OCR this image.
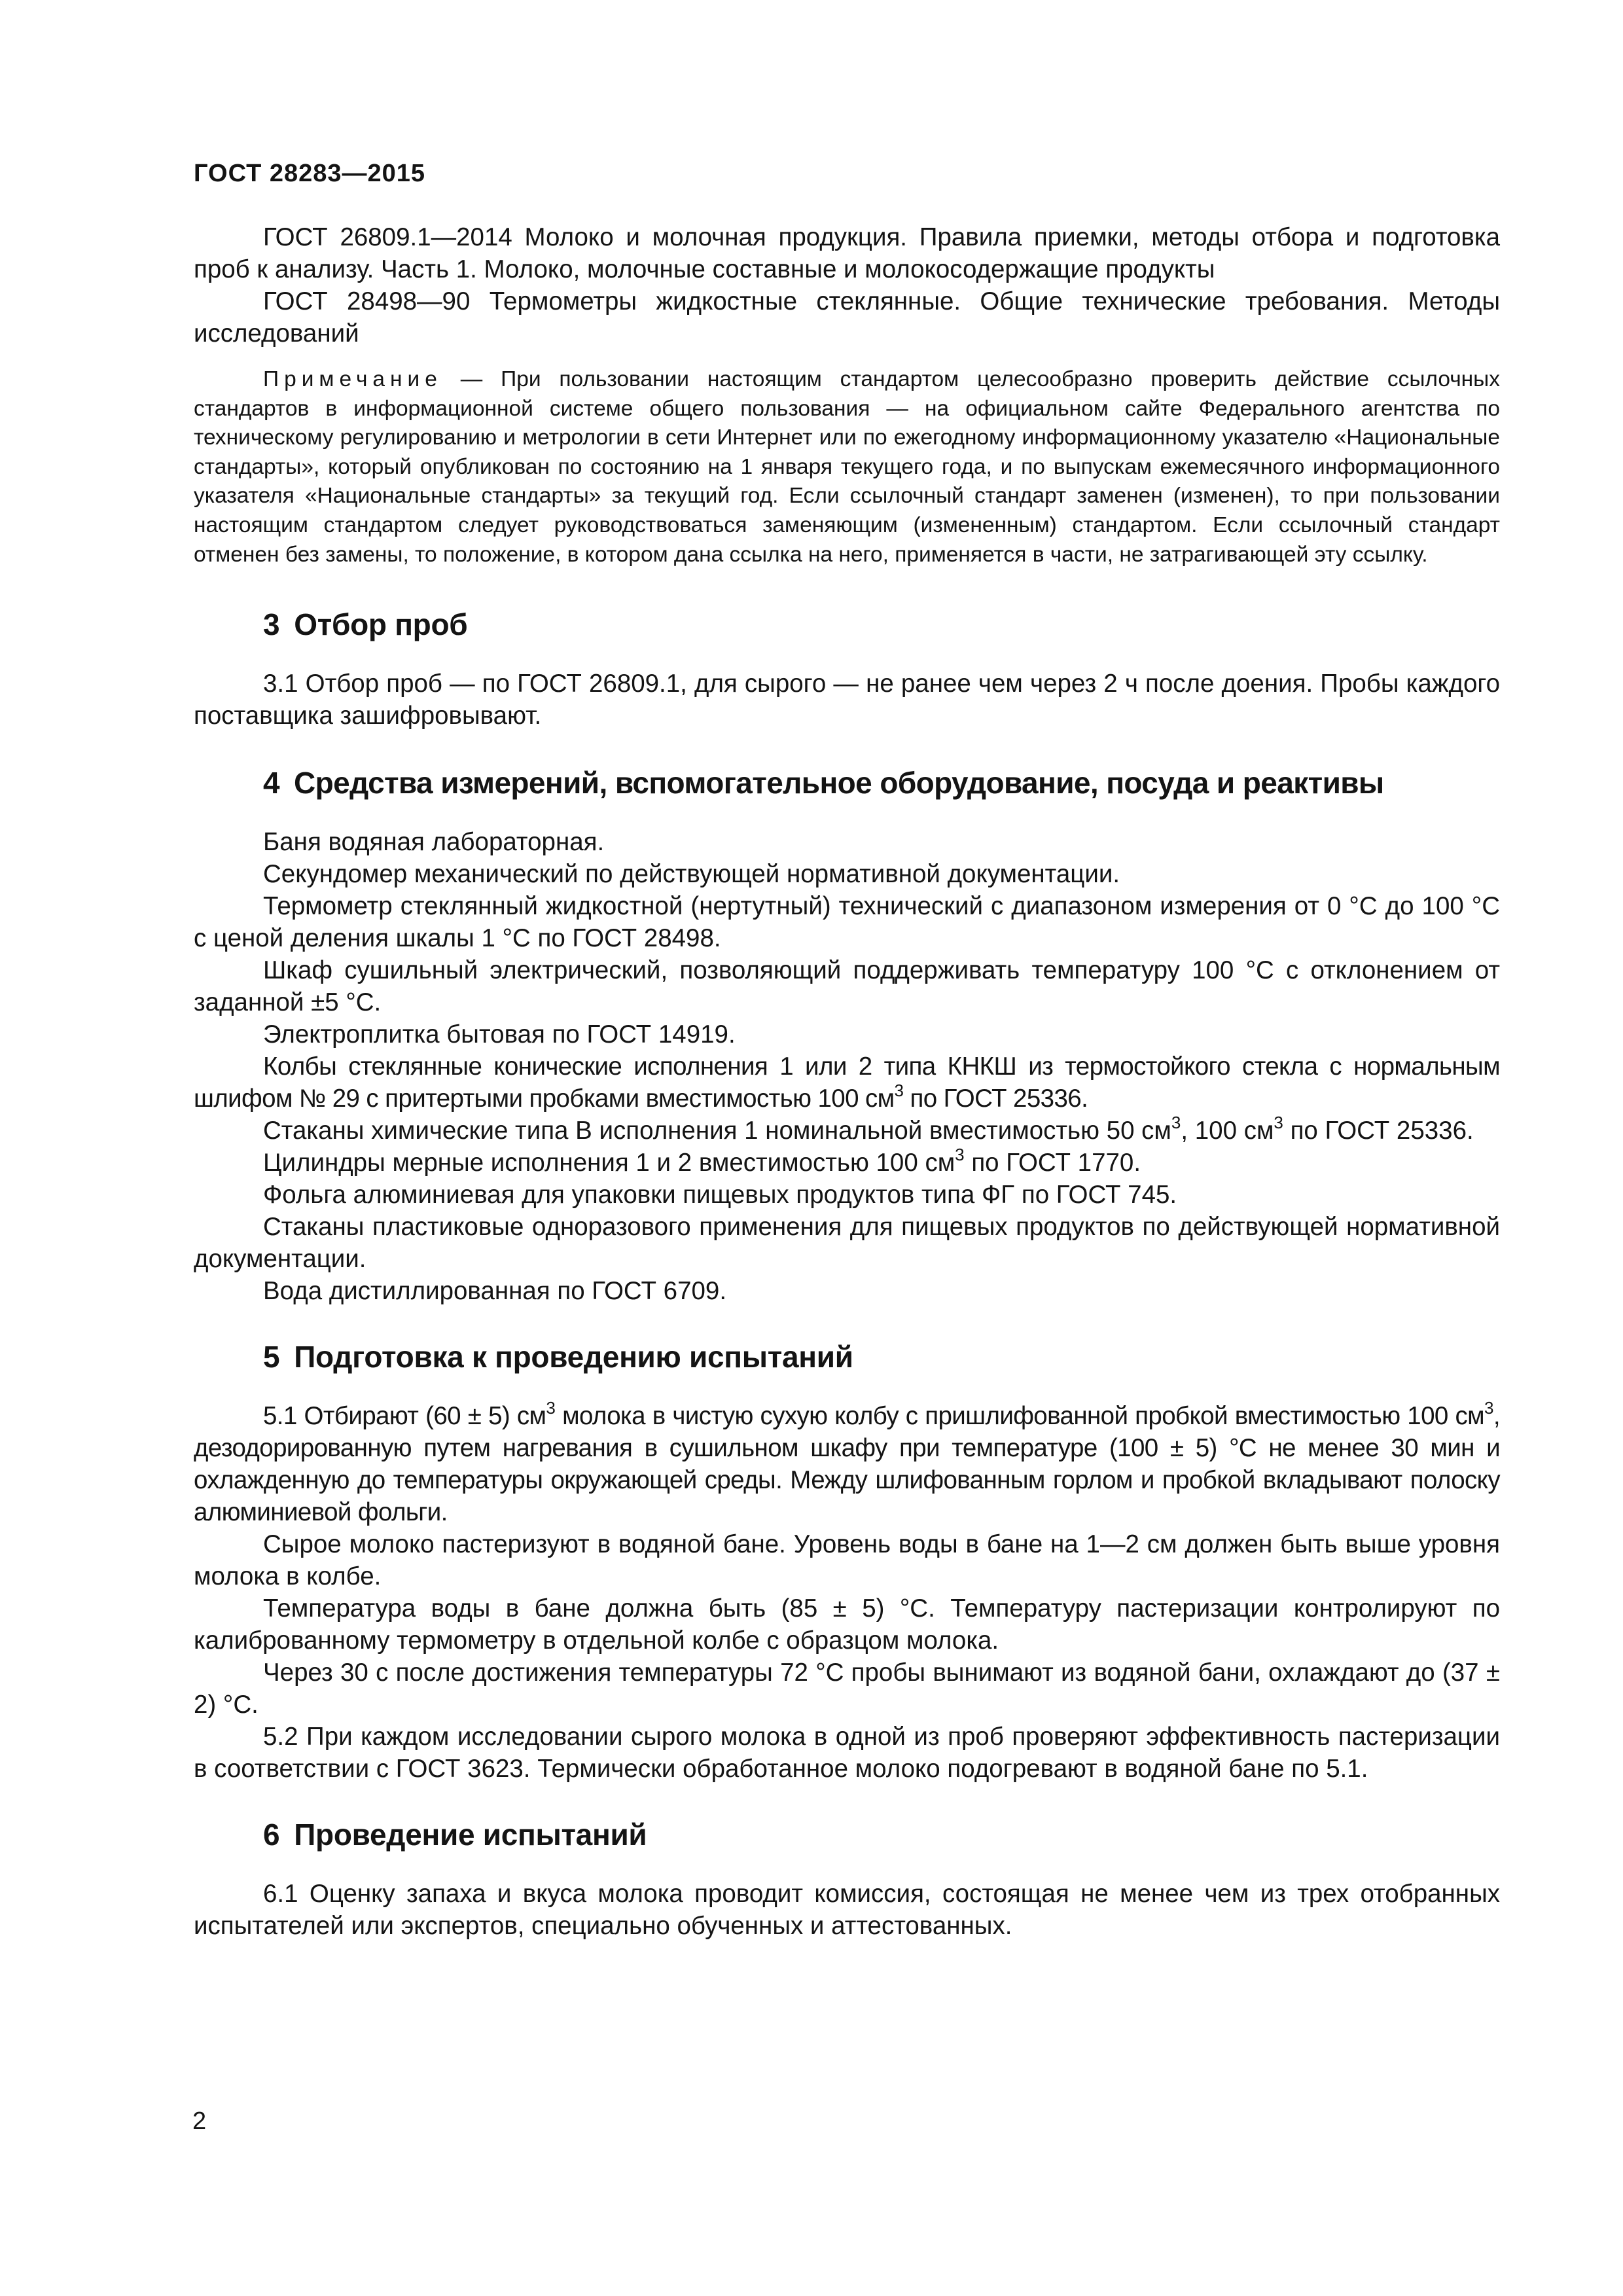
ГОСТ 28283—2015

ГОСТ 26809.1—2014 Молоко и молочная продукция. Правила приемки, методы отбора и подготовка проб к анализу. Часть 1. Молоко, молочные составные и молокосодержащие продукты

ГОСТ 28498—90 Термометры жидкостные стеклянные. Общие технические требования. Методы исследований

Примечание — При пользовании настоящим стандартом целесообразно проверить действие ссылочных стандартов в информационной системе общего пользования — на официальном сайте Федерального агентства по техническому регулированию и метрологии в сети Интернет или по ежегодному информационному указателю «Национальные стандарты», который опубликован по состоянию на 1 января текущего года, и по выпускам ежемесячного информационного указателя «Национальные стандарты» за текущий год. Если ссылочный стандарт заменен (изменен), то при пользовании настоящим стандартом следует руководствоваться заменяющим (измененным) стандартом. Если ссылочный стандарт отменен без замены, то положение, в котором дана ссылка на него, применяется в части, не затрагивающей эту ссылку.

3 Отбор проб

3.1 Отбор проб — по ГОСТ 26809.1, для сырого — не ранее чем через 2 ч после доения. Пробы каждого поставщика зашифровывают.

4 Средства измерений, вспомогательное оборудование, посуда и реактивы

Баня водяная лабораторная.

Секундомер механический по действующей нормативной документации.

Термометр стеклянный жидкостной (нертутный) технический с диапазоном измерения от 0 °С до 100 °С с ценой деления шкалы 1 °С по ГОСТ 28498.

Шкаф сушильный электрический, позволяющий поддерживать температуру 100 °С с отклонением от заданной ±5 °С.

Электроплитка бытовая по ГОСТ 14919.

Колбы стеклянные конические исполнения 1 или 2 типа КНКШ из термостойкого стекла с нормальным шлифом № 29 с притертыми пробками вместимостью 100 $см^3$ по ГОСТ 25336.

Стаканы химические типа В исполнения 1 номинальной вместимостью 50 $см^3$, 100 $см^3$ по ГОСТ 25336.

Цилиндры мерные исполнения 1 и 2 вместимостью 100 $см^3$ по ГОСТ 1770.

Фольга алюминиевая для упаковки пищевых продуктов типа ФГ по ГОСТ 745.

Стаканы пластиковые одноразового применения для пищевых продуктов по действующей нормативной документации.

Вода дистиллированная по ГОСТ 6709.

5 Подготовка к проведению испытаний

5.1 Отбирают (60 ± 5) $см^3$ молока в чистую сухую колбу с пришлифованной пробкой вместимостью 100 $см^3$, дезодорированную путем нагревания в сушильном шкафу при температуре (100 ± 5) °С не менее 30 мин и охлажденную до температуры окружающей среды. Между шлифованным горлом и пробкой вкладывают полоску алюминиевой фольги.

Сырое молоко пастеризуют в водяной бане. Уровень воды в бане на 1—2 см должен быть выше уровня молока в колбе.

Температура воды в бане должна быть (85 ± 5) °С. Температуру пастеризации контролируют по калиброванному термометру в отдельной колбе с образцом молока.

Через 30 с после достижения температуры 72 °С пробы вынимают из водяной бани, охлаждают до (37 ± 2) °С.

5.2 При каждом исследовании сырого молока в одной из проб проверяют эффективность пастеризации в соответствии с ГОСТ 3623. Термически обработанное молоко подогревают в водяной бане по 5.1.

6 Проведение испытаний

6.1 Оценку запаха и вкуса молока проводит комиссия, состоящая не менее чем из трех отобранных испытателей или экспертов, специально обученных и аттестованных.

2
